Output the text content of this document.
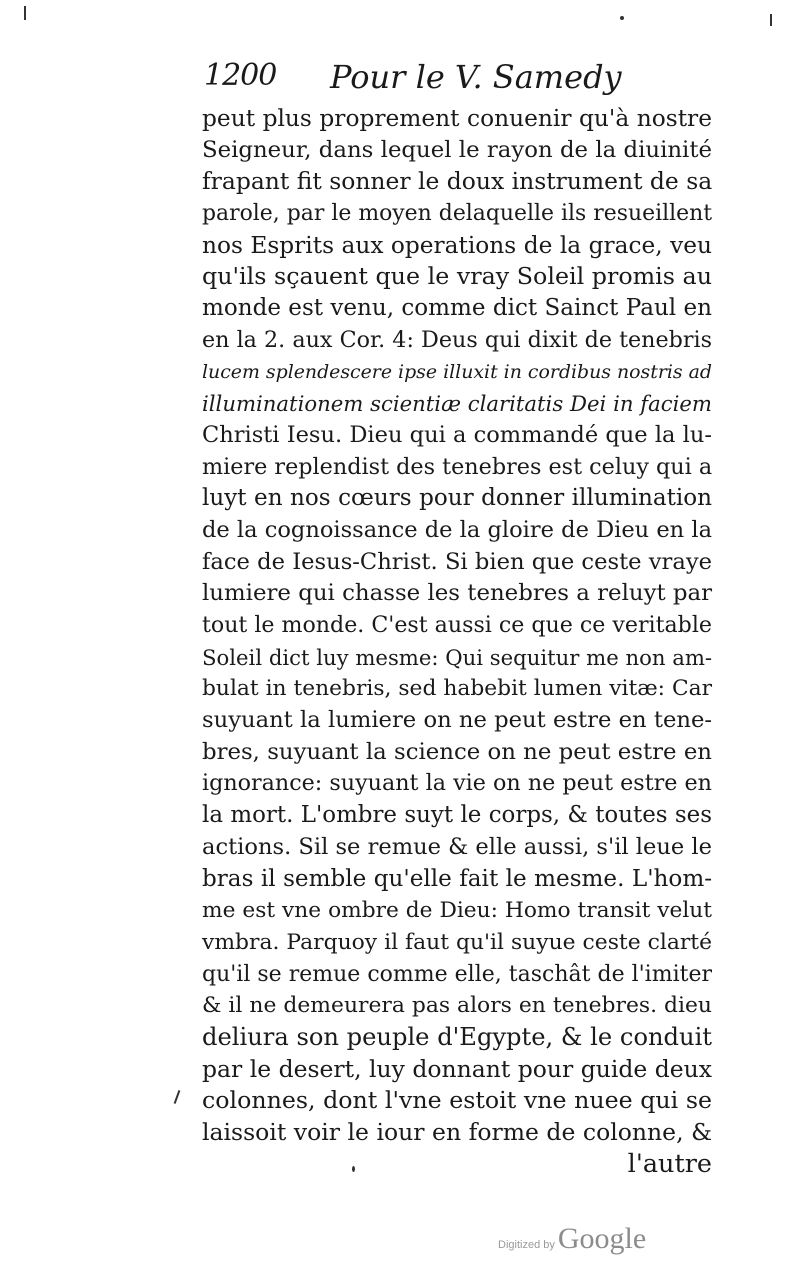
1200 Pour le V. Samedy
peut plus proprement conuenir qu'à nostre
Seigneur, dans lequel le rayon de la diuinité
frapant fit sonner le doux instrument de sa
parole, par le moyen delaquelle ils resueillent
nos Esprits aux operations de la grace, veu
qu'ils sçauent que le vray Soleil promis au
monde est venu, comme dict Sainct Paul en
en la 2. aux Cor. 4: Deus qui dixit de tenebris
lucem splendescere ipse illuxit in cordibus nostris ad
illuminationem scientiæ claritatis Dei in faciem
Christi Iesu. Dieu qui a commandé que la lu-
miere replendist des tenebres est celuy qui a
luyt en nos cœurs pour donner illumination
de la cognoissance de la gloire de Dieu en la
face de Iesus-Christ. Si bien que ceste vraye
lumiere qui chasse les tenebres a reluyt par
tout le monde. C'est aussi ce que ce veritable
Soleil dict luy mesme: Qui sequitur me non am-
bulat in tenebris, sed habebit lumen vitæ: Car
suyuant la lumiere on ne peut estre en tene-
bres, suyuant la science on ne peut estre en
ignorance: suyuant la vie on ne peut estre en
la mort. L'ombre suyt le corps, & toutes ses
actions. Sil se remue & elle aussi, s'il leue le
bras il semble qu'elle fait le mesme. L'hom-
me est vne ombre de Dieu: Homo transit velut
vmbra. Parquoy il faut qu'il suyue ceste clarté
qu'il se remue comme elle, taschât de l'imiter
& il ne demeurera pas alors en tenebres. dieu
deliura son peuple d'Egypte, & le conduit
par le desert, luy donnant pour guide deux
colonnes, dont l'vne estoit vne nuee qui se
laissoit voir le iour en forme de colonne, &
l'autre
Digitized by Google
